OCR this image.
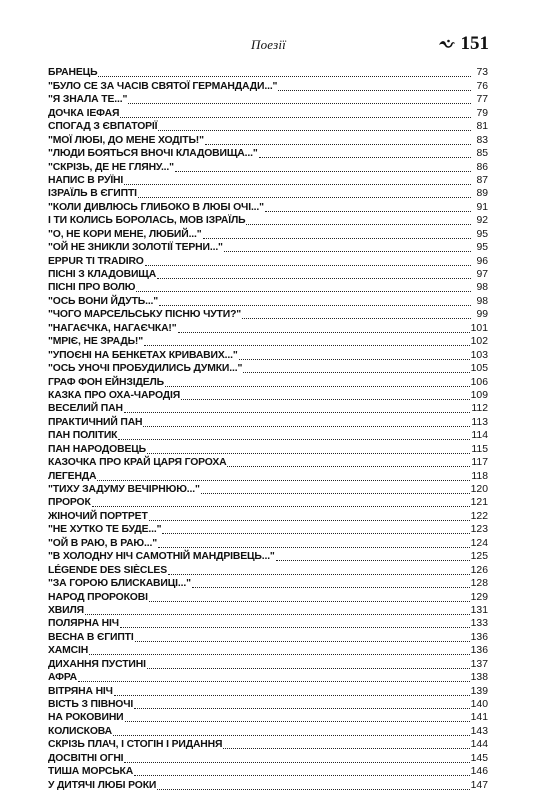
Поезії	151
БРАНЕЦЬ	73
"БУЛО СЕ ЗА ЧАСІВ СВЯТОЇ ГЕРМАНДАДИ..."	76
"Я ЗНАЛА ТЕ..."	77
ДОЧКА ІЕФАЯ	79
СПОГАД З ЄВПАТОРІЇ	81
"МОЇ ЛЮБІ, ДО МЕНЕ ХОДІТЬ!"	83
"ЛЮДИ БОЯТЬСЯ ВНОЧІ КЛАДОВИЩА..."	85
"СКРІЗЬ, ДЕ НЕ ГЛЯНУ..."	86
НАПИС В РУЇНІ	87
ІЗРАЇЛЬ В ЄГИПТІ	89
"КОЛИ ДИВЛЮСЬ ГЛИБОКО В ЛЮБІ ОЧІ..."	91
І ТИ КОЛИСЬ БОРОЛАСЬ, МОВ ІЗРАЇЛЬ	92
"О, НЕ КОРИ МЕНЕ, ЛЮБИЙ..."	95
"ОЙ НЕ ЗНИКЛИ ЗОЛОТІЇ ТЕРНИ..."	95
EPPUR TI TRADIRO	96
ПІСНІ З КЛАДОВИЩА	97
ПІСНІ ПРО ВОЛЮ	98
"ОСЬ ВОНИ ЙДУТЬ..."	98
"ЧОГО МАРСЕЛЬСЬКУ ПІСНЮ ЧУТИ?"	99
"НАГАЄЧКА, НАГАЄЧКА!"	101
"МРІЄ, НЕ ЗРАДЬ!"	102
"УПОЄНІ НА БЕНКЕТАХ КРИВАВИХ..."	103
"ОСЬ УНОЧІ ПРОБУДИЛИСЬ ДУМКИ..."	105
ГРАФ ФОН ЕЙНЗІДЕЛЬ	106
КАЗКА ПРО ОХА-ЧАРОДІЯ	109
ВЕСЕЛИЙ ПАН	112
ПРАКТИЧНИЙ ПАН	113
ПАН ПОЛІТИК	114
ПАН НАРОДОВЕЦЬ	115
КАЗОЧКА ПРО КРАЙ ЦАРЯ ГОРОХА	117
ЛЕГЕНДА	118
"ТИХУ ЗАДУМУ ВЕЧІРНЮЮ..."	120
ПРОРОК	121
ЖІНОЧИЙ ПОРТРЕТ	122
"НЕ ХУТКО ТЕ БУДЕ..."	123
"ОЙ В РАЮ, В РАЮ..."	124
"В ХОЛОДНУ НІЧ САМОТНІЙ МАНДРІВЕЦЬ..."	125
LÉGENDE DES SIÈCLES	126
"ЗА ГОРОЮ БЛИСКАВИЦІ..."	128
НАРОД ПРОРОКОВІ	129
ХВИЛЯ	131
ПОЛЯРНА НІЧ	133
ВЕСНА В ЄГИПТІ	136
ХАМСІН	136
ДИХАННЯ ПУСТИНІ	137
АФРА	138
ВІТРЯНА НІЧ	139
ВІСТЬ З ПІВНОЧІ	140
НА РОКОВИНИ	141
КОЛИСКОВА	143
СКРІЗЬ ПЛАЧ, І СТОГІН І РИДАННЯ	144
ДОСВІТНІ ОГНІ	145
ТИША МОРСЬКА	146
У ДИТЯЧІ ЛЮБІ РОКИ	147
